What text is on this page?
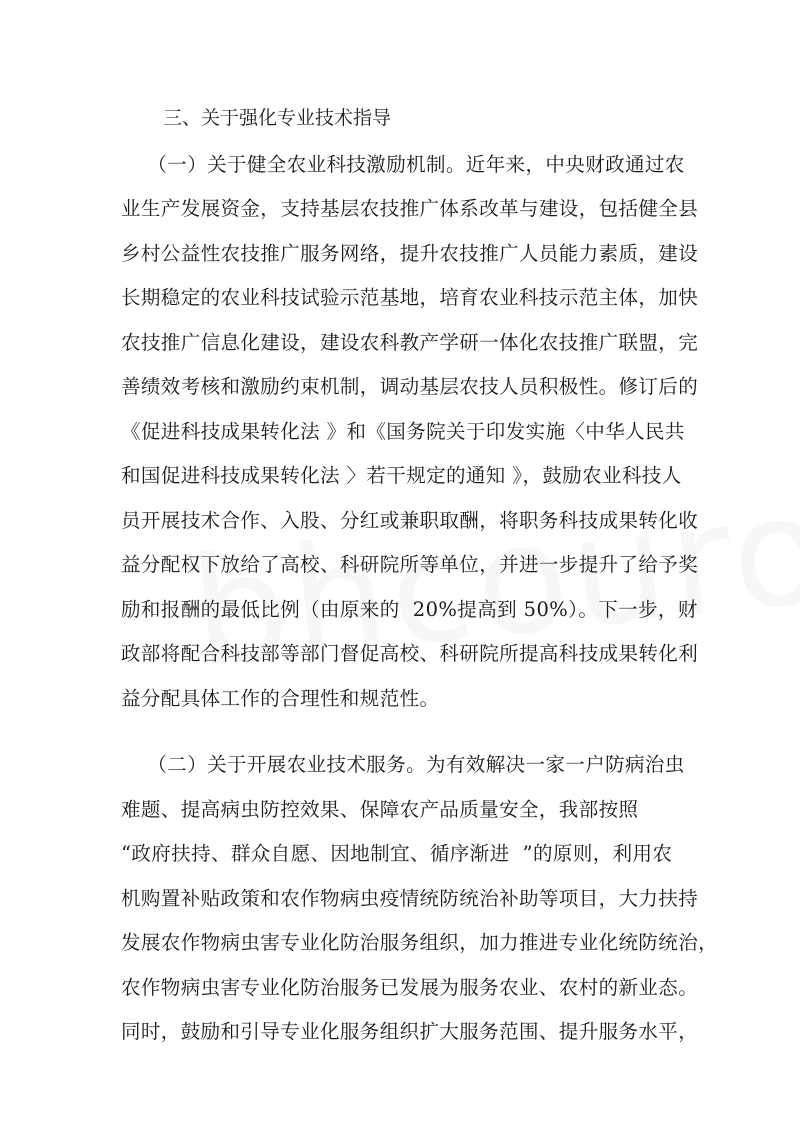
三、关于强化专业技术指导
（一）关于健全农业科技激励机制。近年来，中央财政通过农
业生产发展资金，支持基层农技推广体系改革与建设，包括健全县
乡村公益性农技推广服务网络，提升农技推广人员能力素质，建设
长期稳定的农业科技试验示范基地，培育农业科技示范主体，加快
农技推广信息化建设，建设农科教产学研一体化农技推广联盟，完
善绩效考核和激励约束机制，调动基层农技人员积极性。修订后的
《促进科技成果转化法 》和《国务院关于印发实施〈中华人民共
和国促进科技成果转化法 〉若干规定的通知 》，鼓励农业科技人
员开展技术合作、入股、分红或兼职取酬，将职务科技成果转化收
益分配权下放给了高校、科研院所等单位，并进一步提升了给予奖
励和报酬的最低比例（由原来的  20%提高到 50%）。下一步，财
政部将配合科技部等部门督促高校、科研院所提高科技成果转化利
益分配具体工作的合理性和规范性。
（二）关于开展农业技术服务。为有效解决一家一户防病治虫
难题、提高病虫防控效果、保障农产品质量安全，我部按照
“政府扶持、群众自愿、因地制宜、循序渐进  ”的原则，利用农
机购置补贴政策和农作物病虫疫情统防统治补助等项目，大力扶持
发展农作物病虫害专业化防治服务组织，加力推进专业化统防统治，
农作物病虫害专业化防治服务已发展为服务农业、农村的新业态。
同时，鼓励和引导专业化服务组织扩大服务范围、提升服务水平，
